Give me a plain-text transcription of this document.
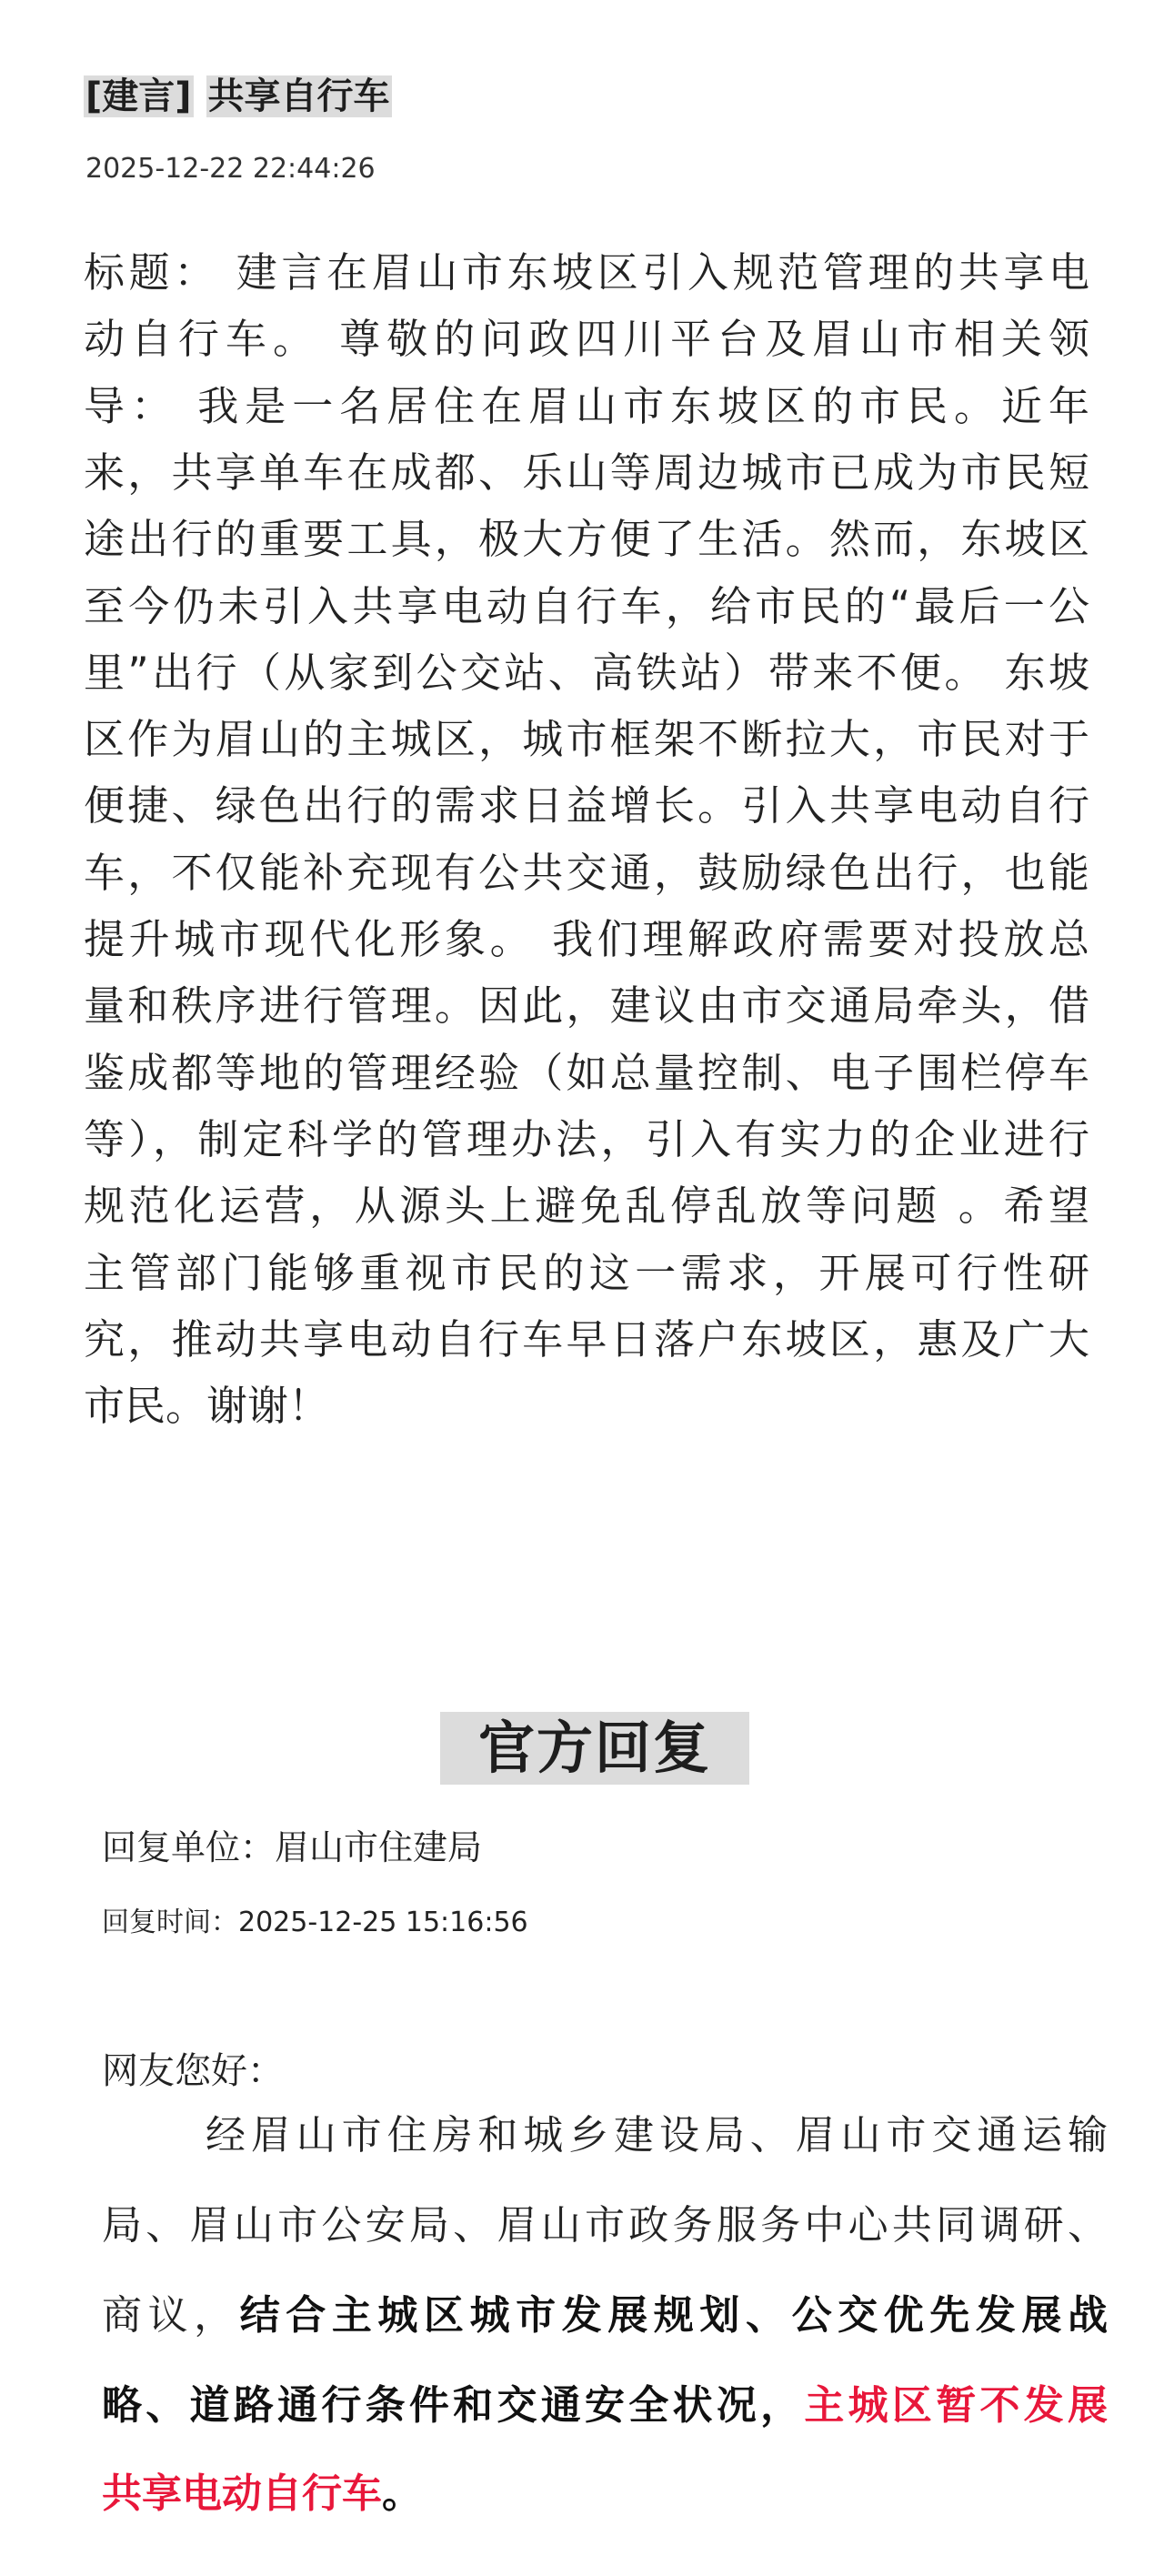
[建言] 共享自行车
2025-12-22 22:44:26
标题： 建言在眉山市东坡区引入规范管理的共享电
动自行车。 尊敬的问政四川平台及眉山市相关领
导： 我是一名居住在眉山市东坡区的市民。近年
来，共享单车在成都、乐山等周边城市已成为市民短
途出行的重要工具，极大方便了生活。然而，东坡区
至今仍未引入共享电动自行车，给市民的“最后一公
里”出行（从家到公交站、高铁站）带来不便。 东坡
区作为眉山的主城区，城市框架不断拉大，市民对于
便捷、绿色出行的需求日益增长。引入共享电动自行
车，不仅能补充现有公共交通，鼓励绿色出行，也能
提升城市现代化形象。 我们理解政府需要对投放总
量和秩序进行管理。因此，建议由市交通局牵头，借
鉴成都等地的管理经验（如总量控制、电子围栏停车
等），制定科学的管理办法，引入有实力的企业进行
规范化运营，从源头上避免乱停乱放等问题 。希望
主管部门能够重视市民的这一需求，开展可行性研
究，推动共享电动自行车早日落户东坡区，惠及广大
市民。谢谢！
官方回复
回复单位：眉山市住建局
回复时间：2025-12-25 15:16:56
网友您好：
经眉山市住房和城乡建设局、眉山市交通运输
局、眉山市公安局、眉山市政务服务中心共同调研、
商议，结合主城区城市发展规划、公交优先发展战
略、道路通行条件和交通安全状况，主城区暂不发展
共享电动自行车。
